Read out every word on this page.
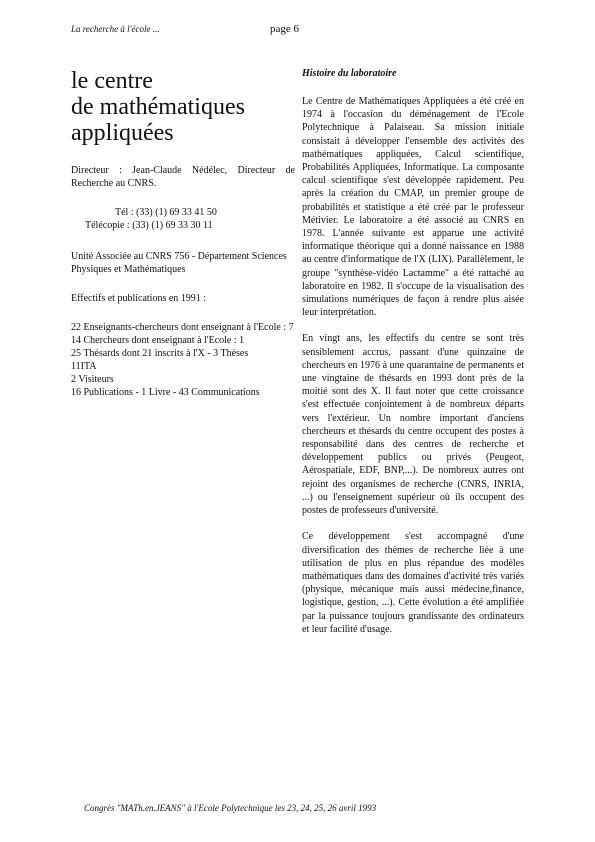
La recherche à l'école ...	page 6
le centre
de mathématiques
appliquées

Directeur : Jean-Claude Nédélec, Directeur de Recherche au CNRS.

Tél : (33) (1) 69 33 41 50
Télécopie : (33) (1) 69 33 30 11

Unité Associée au CNRS 756 - Département Sciences Physiques et Mathématiques

Effectifs et publications en 1991 :

22 Enseignants-chercheurs dont enseignant à l'Ecole : 7
14 Chercheurs dont enseignant à l'Ecole : 1
25 Thésards dont 21 inscrits à l'X - 3 Thèses
11ITA
2 Visiteurs
16 Publications - 1 Livre - 43 Communications
Histoire du laboratoire

Le Centre de Mathématiques Appliquées a été créé en 1974 à l'occasion du déménagement de l'Ecole Polytechnique à Palaiseau. Sa mission initiale consistait à développer l'ensemble des activités des mathématiques appliquées, Calcul scientifique, Probabilités Appliquées, Informatique. La composante calcul scientifique s'est développée rapidement. Peu après la création du CMAP, un premier groupe de probabilités et statistique a été créé par le professeur Métivier. Le laboratoire a été associé au CNRS en 1978. L'année suivante est apparue une activité informatique théorique qui a donné naissance en 1988 au centre d'informatique de l'X (LIX). Parallèlement, le groupe "synthèse-vidéo Lactamme" a été rattaché au laboratoire en 1982. Il s'occupe de la visualisation des simulations numériques de façon à rendre plus aisée leur interprétation.

En vingt ans, les effectifs du centre se sont très sensiblement accrus, passant d'une quinzaine de chercheurs en 1976 à une quarantaine de permanents et une vingtaine de thésards en 1993 dont près de la moitié sont des X. Il faut noter que cette croissance s'est effectuée conjointement à de nombreux départs vers l'extérieur. Un nombre important d'anciens chercheurs et thésards du centre occupent des postes à responsabilité dans des centres de recherche et développement publics ou privés (Peugeot, Aérospatiale, EDF, BNP,...). De nombreux autres ont rejoint des organismes de recherche (CNRS, INRIA, ...) ou l'enseignement supérieur où ils occupent des postes de professeurs d'université.

Ce développement s'est accompagné d'une diversification des thèmes de recherche liée à une utilisation de plus en plus répandue des modèles mathématiques dans des domaines d'activité très variés (physique, mécanique mais aussi médecine,finance, logistique, gestion, ...). Cette évolution a été amplifiée par la puissance toujours grandissante des ordinateurs et leur facilité d'usage.

Congrès "MATh.en.JEANS" à l'Ecole Polytechnique les 23, 24, 25, 26 avril 1993
